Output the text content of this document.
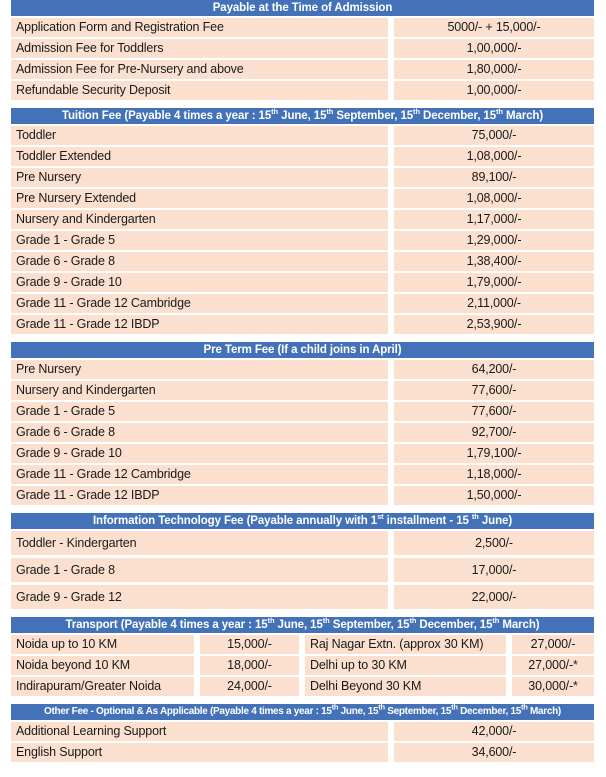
Payable at the Time of Admission
Application Form and Registration Fee	5000/- + 15,000/-
Admission Fee for Toddlers	1,00,000/-
Admission Fee for Pre-Nursery and above	1,80,000/-
Refundable Security Deposit	1,00,000/-
Tuition Fee (Payable 4 times a year : 15th June, 15th September, 15th December, 15th March)
Toddler	75,000/-
Toddler Extended	1,08,000/-
Pre Nursery	89,100/-
Pre Nursery Extended	1,08,000/-
Nursery and Kindergarten	1,17,000/-
Grade 1 - Grade 5	1,29,000/-
Grade 6 - Grade 8	1,38,400/-
Grade 9 - Grade 10	1,79,000/-
Grade 11 - Grade 12 Cambridge	2,11,000/-
Grade 11 - Grade 12 IBDP	2,53,900/-
Pre Term Fee (If a child joins in April)
Pre Nursery	64,200/-
Nursery and Kindergarten	77,600/-
Grade 1 - Grade 5	77,600/-
Grade 6 - Grade 8	92,700/-
Grade 9 - Grade 10	1,79,100/-
Grade 11 - Grade 12 Cambridge	1,18,000/-
Grade 11 - Grade 12 IBDP	1,50,000/-
Information Technology Fee (Payable annually with 1st installment - 15 $^{th}$ June)
Toddler - Kindergarten	2,500/-
Grade 1 - Grade 8	17,000/-
Grade 9 - Grade 12	22,000/-
Transport (Payable 4 times a year : 15th June, 15th September, 15th December, 15th March)
Noida up to 10 KM	15,000/-	Raj Nagar Extn. (approx 30 KM)	27,000/-
Noida beyond 10 KM	18,000/-	Delhi up to 30 KM	27,000/-*
Indirapuram/Greater Noida	24,000/-	Delhi Beyond 30 KM	30,000/-*
Other Fee - Optional & As Applicable (Payable 4 times a year : 15th June, 15th September, 15th December, 15th March)
Additional Learning Support	42,000/-
English Support	34,600/-
